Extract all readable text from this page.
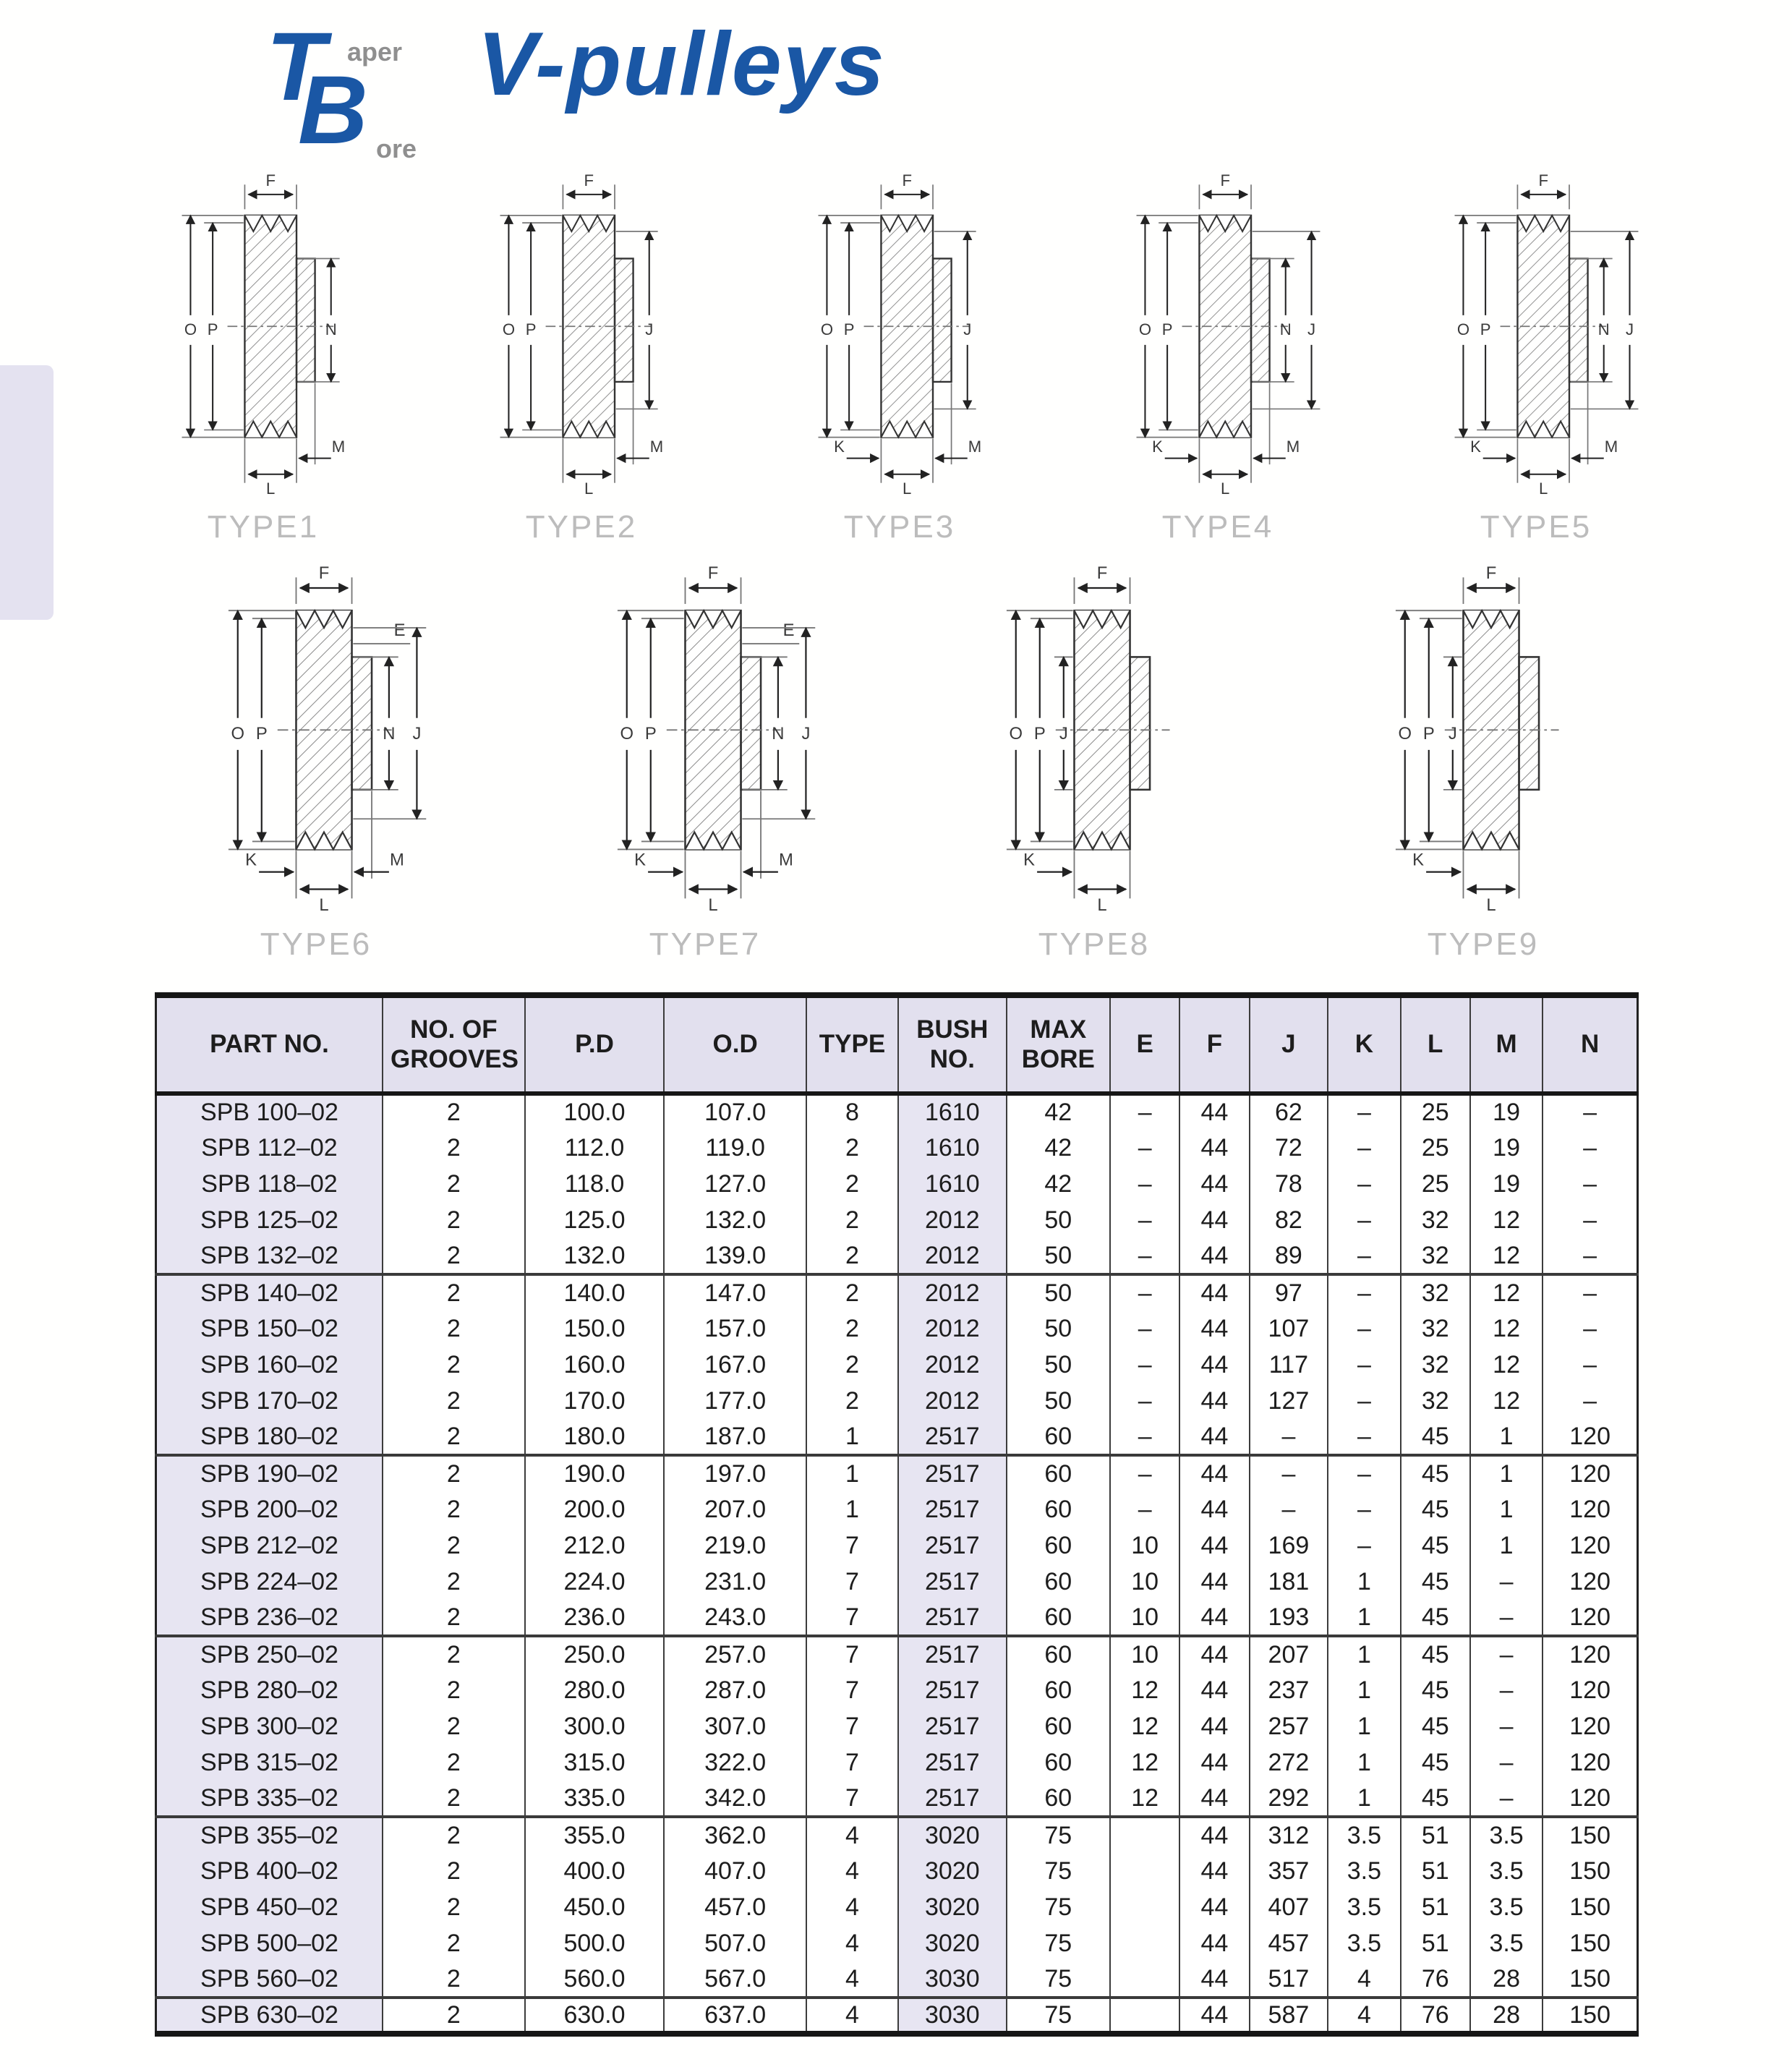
T aper
B ore
V-pulleys
F
O P	N
L
M
TYPE1
F
O P	J
L
M
TYPE2
F
O P	J
K
L
M
TYPE3
F
O P	N J
K
L
M
TYPE4
F
O P	N J
K
L
M
TYPE5
F
O P
E
N J
K
L
M
TYPE6
F
O P
E
N J
K
L
M
TYPE7
F
O P J
K
L
TYPE8
F
O P J
K
L
TYPE9
PART NO.	NO. OF GROOVES	P.D	O.D	TYPE	BUSH NO.	MAX BORE	E	F	J	K	L	M	N
SPB 100–02	2	100.0	107.0	8	1610	42	–	44	62	–	25	19	–
SPB 112–02	2	112.0	119.0	2	1610	42	–	44	72	–	25	19	–
SPB 118–02	2	118.0	127.0	2	1610	42	–	44	78	–	25	19	–
SPB 125–02	2	125.0	132.0	2	2012	50	–	44	82	–	32	12	–
SPB 132–02	2	132.0	139.0	2	2012	50	–	44	89	–	32	12	–
SPB 140–02	2	140.0	147.0	2	2012	50	–	44	97	–	32	12	–
SPB 150–02	2	150.0	157.0	2	2012	50	–	44	107	–	32	12	–
SPB 160–02	2	160.0	167.0	2	2012	50	–	44	117	–	32	12	–
SPB 170–02	2	170.0	177.0	2	2012	50	–	44	127	–	32	12	–
SPB 180–02	2	180.0	187.0	1	2517	60	–	44	–	–	45	1	120
SPB 190–02	2	190.0	197.0	1	2517	60	–	44	–	–	45	1	120
SPB 200–02	2	200.0	207.0	1	2517	60	–	44	–	–	45	1	120
SPB 212–02	2	212.0	219.0	7	2517	60	10	44	169	–	45	1	120
SPB 224–02	2	224.0	231.0	7	2517	60	10	44	181	1	45	–	120
SPB 236–02	2	236.0	243.0	7	2517	60	10	44	193	1	45	–	120
SPB 250–02	2	250.0	257.0	7	2517	60	10	44	207	1	45	–	120
SPB 280–02	2	280.0	287.0	7	2517	60	12	44	237	1	45	–	120
SPB 300–02	2	300.0	307.0	7	2517	60	12	44	257	1	45	–	120
SPB 315–02	2	315.0	322.0	7	2517	60	12	44	272	1	45	–	120
SPB 335–02	2	335.0	342.0	7	2517	60	12	44	292	1	45	–	120
SPB 355–02	2	355.0	362.0	4	3020	75		44	312	3.5	51	3.5	150
SPB 400–02	2	400.0	407.0	4	3020	75		44	357	3.5	51	3.5	150
SPB 450–02	2	450.0	457.0	4	3020	75		44	407	3.5	51	3.5	150
SPB 500–02	2	500.0	507.0	4	3020	75		44	457	3.5	51	3.5	150
SPB 560–02	2	560.0	567.0	4	3030	75		44	517	4	76	28	150
SPB 630–02	2	630.0	637.0	4	3030	75		44	587	4	76	28	150
